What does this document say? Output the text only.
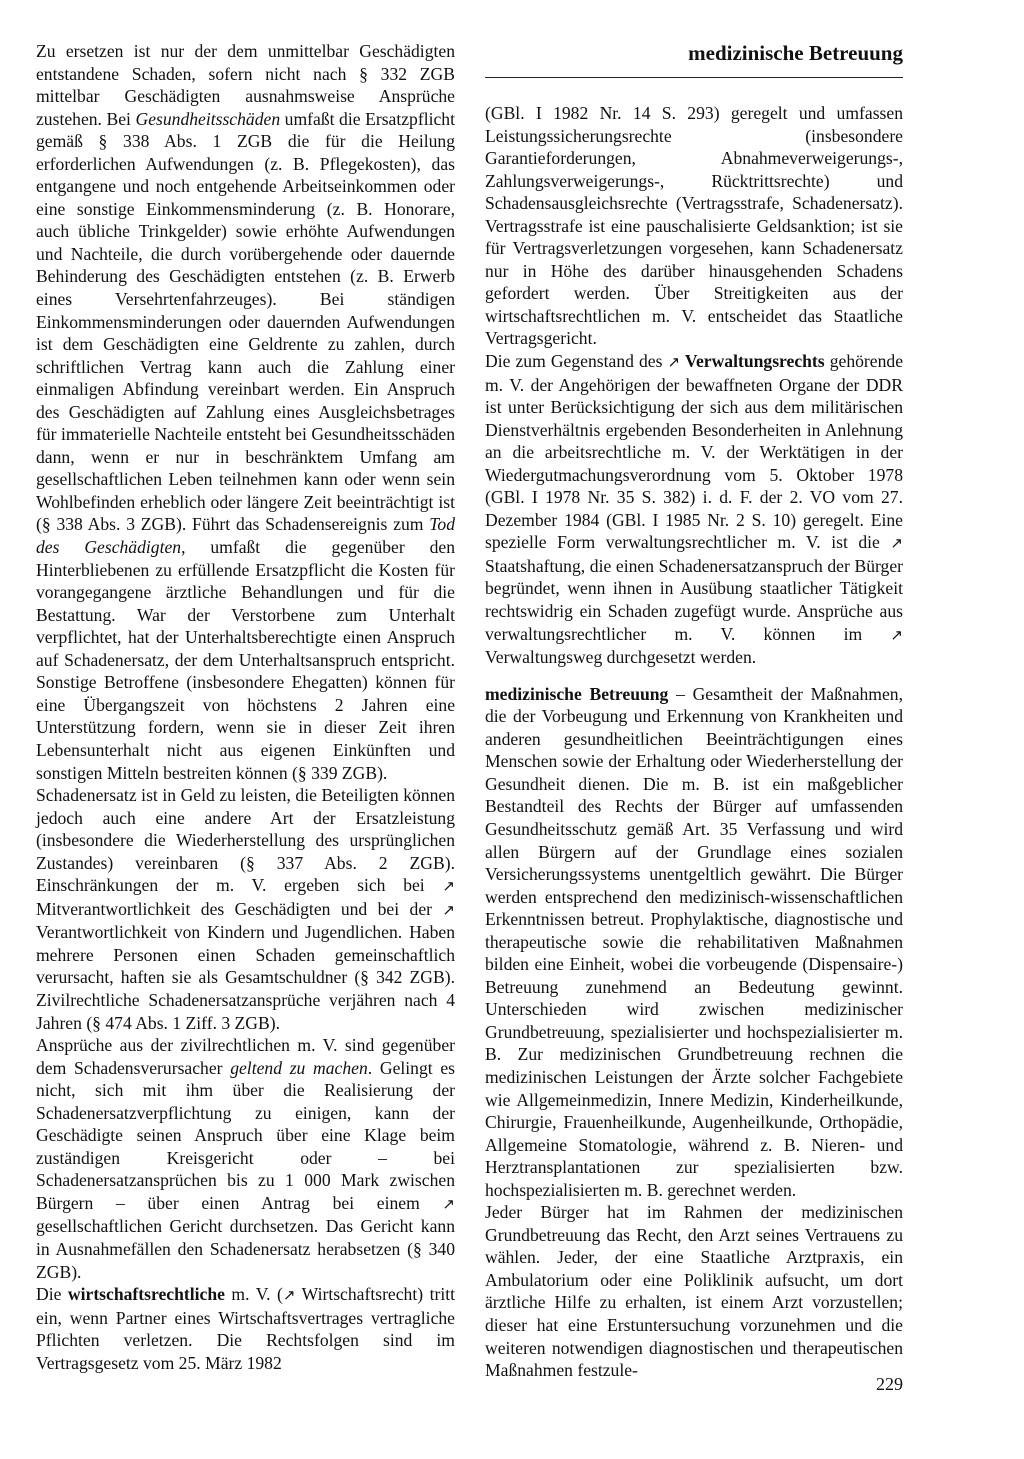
medizinische Betreuung

Zu ersetzen ist nur der dem unmittelbar Geschädigten entstandene Schaden, sofern nicht nach § 332 ZGB mittelbar Geschädigten ausnahmsweise Ansprüche zustehen. Bei Gesundheitsschäden umfaßt die Ersatzpflicht gemäß § 338 Abs. 1 ZGB die für die Heilung erforderlichen Aufwendungen (z. B. Pflegekosten), das entgangene und noch entgehende Arbeitseinkommen oder eine sonstige Einkommensminderung (z. B. Honorare, auch übliche Trinkgelder) sowie erhöhte Aufwendungen und Nachteile, die durch vorübergehende oder dauernde Behinderung des Geschädigten entstehen (z. B. Erwerb eines Versehrtenfahrzeuges). Bei ständigen Einkommensminderungen oder dauernden Aufwendungen ist dem Geschädigten eine Geldrente zu zahlen, durch schriftlichen Vertrag kann auch die Zahlung einer einmaligen Abfindung vereinbart werden. Ein Anspruch des Geschädigten auf Zahlung eines Ausgleichsbetrages für immaterielle Nachteile entsteht bei Gesundheitsschäden dann, wenn er nur in beschränktem Umfang am gesellschaftlichen Leben teilnehmen kann oder wenn sein Wohlbefinden erheblich oder längere Zeit beeinträchtigt ist (§ 338 Abs. 3 ZGB). Führt das Schadensereignis zum Tod des Geschädigten, umfaßt die gegenüber den Hinterbliebenen zu erfüllende Ersatzpflicht die Kosten für vorangegangene ärztliche Behandlungen und für die Bestattung. War der Verstorbene zum Unterhalt verpflichtet, hat der Unterhaltsberechtigte einen Anspruch auf Schadenersatz, der dem Unterhaltsanspruch entspricht. Sonstige Betroffene (insbesondere Ehegatten) können für eine Übergangszeit von höchstens 2 Jahren eine Unterstützung fordern, wenn sie in dieser Zeit ihren Lebensunterhalt nicht aus eigenen Einkünften und sonstigen Mitteln bestreiten können (§ 339 ZGB).

Schadenersatz ist in Geld zu leisten, die Beteiligten können jedoch auch eine andere Art der Ersatzleistung (insbesondere die Wiederherstellung des ursprünglichen Zustandes) vereinbaren (§ 337 Abs. 2 ZGB). Einschränkungen der m. V. ergeben sich bei ↗ Mitverantwortlichkeit des Geschädigten und bei der ↗ Verantwortlichkeit von Kindern und Jugendlichen. Haben mehrere Personen einen Schaden gemeinschaftlich verursacht, haften sie als Gesamtschuldner (§ 342 ZGB). Zivilrechtliche Schadenersatzansprüche verjähren nach 4 Jahren (§ 474 Abs. 1 Ziff. 3 ZGB).

Ansprüche aus der zivilrechtlichen m. V. sind gegenüber dem Schadensverursacher geltend zu machen. Gelingt es nicht, sich mit ihm über die Realisierung der Schadenersatzverpflichtung zu einigen, kann der Geschädigte seinen Anspruch über eine Klage beim zuständigen Kreisgericht oder – bei Schadenersatzansprüchen bis zu 1 000 Mark zwischen Bürgern – über einen Antrag bei einem ↗ gesellschaftlichen Gericht durchsetzen. Das Gericht kann in Ausnahmefällen den Schadenersatz herabsetzen (§ 340 ZGB).

Die wirtschaftsrechtliche m. V. (↗ Wirtschaftsrecht) tritt ein, wenn Partner eines Wirtschaftsvertrages vertragliche Pflichten verletzen. Die Rechtsfolgen sind im Vertragsgesetz vom 25. März 1982

(GBl. I 1982 Nr. 14 S. 293) geregelt und umfassen Leistungssicherungsrechte (insbesondere Garantieforderungen, Abnahmeverweigerungs-, Zahlungsverweigerungs-, Rücktrittsrechte) und Schadensausgleichsrechte (Vertragsstrafe, Schadenersatz). Vertragsstrafe ist eine pauschalisierte Geldsanktion; ist sie für Vertragsverletzungen vorgesehen, kann Schadenersatz nur in Höhe des darüber hinausgehenden Schadens gefordert werden. Über Streitigkeiten aus der wirtschaftsrechtlichen m. V. entscheidet das Staatliche Vertragsgericht.

Die zum Gegenstand des ↗ Verwaltungsrechts gehörende m. V. der Angehörigen der bewaffneten Organe der DDR ist unter Berücksichtigung der sich aus dem militärischen Dienstverhältnis ergebenden Besonderheiten in Anlehnung an die arbeitsrechtliche m. V. der Werktätigen in der Wiedergutmachungsverordnung vom 5. Oktober 1978 (GBl. I 1978 Nr. 35 S. 382) i. d. F. der 2. VO vom 27. Dezember 1984 (GBl. I 1985 Nr. 2 S. 10) geregelt. Eine spezielle Form verwaltungsrechtlicher m. V. ist die ↗ Staatshaftung, die einen Schadenersatzanspruch der Bürger begründet, wenn ihnen in Ausübung staatlicher Tätigkeit rechtswidrig ein Schaden zugefügt wurde. Ansprüche aus verwaltungsrechtlicher m. V. können im ↗ Verwaltungsweg durchgesetzt werden.

medizinische Betreuung – Gesamtheit der Maßnahmen, die der Vorbeugung und Erkennung von Krankheiten und anderen gesundheitlichen Beeinträchtigungen eines Menschen sowie der Erhaltung oder Wiederherstellung der Gesundheit dienen. Die m. B. ist ein maßgeblicher Bestandteil des Rechts der Bürger auf umfassenden Gesundheitsschutz gemäß Art. 35 Verfassung und wird allen Bürgern auf der Grundlage eines sozialen Versicherungssystems unentgeltlich gewährt. Die Bürger werden entsprechend den medizinisch-wissenschaftlichen Erkenntnissen betreut. Prophylaktische, diagnostische und therapeutische sowie die rehabilitativen Maßnahmen bilden eine Einheit, wobei die vorbeugende (Dispensaire-) Betreuung zunehmend an Bedeutung gewinnt. Unterschieden wird zwischen medizinischer Grundbetreuung, spezialisierter und hochspezialisierter m. B. Zur medizinischen Grundbetreuung rechnen die medizinischen Leistungen der Ärzte solcher Fachgebiete wie Allgemeinmedizin, Innere Medizin, Kinderheilkunde, Chirurgie, Frauenheilkunde, Augenheilkunde, Orthopädie, Allgemeine Stomatologie, während z. B. Nieren- und Herztransplantationen zur spezialisierten bzw. hochspezialisierten m. B. gerechnet werden.

Jeder Bürger hat im Rahmen der medizinischen Grundbetreuung das Recht, den Arzt seines Vertrauens zu wählen. Jeder, der eine Staatliche Arztpraxis, ein Ambulatorium oder eine Poliklinik aufsucht, um dort ärztliche Hilfe zu erhalten, ist einem Arzt vorzustellen; dieser hat eine Erstuntersuchung vorzunehmen und die weiteren notwendigen diagnostischen und therapeutischen Maßnahmen festzule-

229
